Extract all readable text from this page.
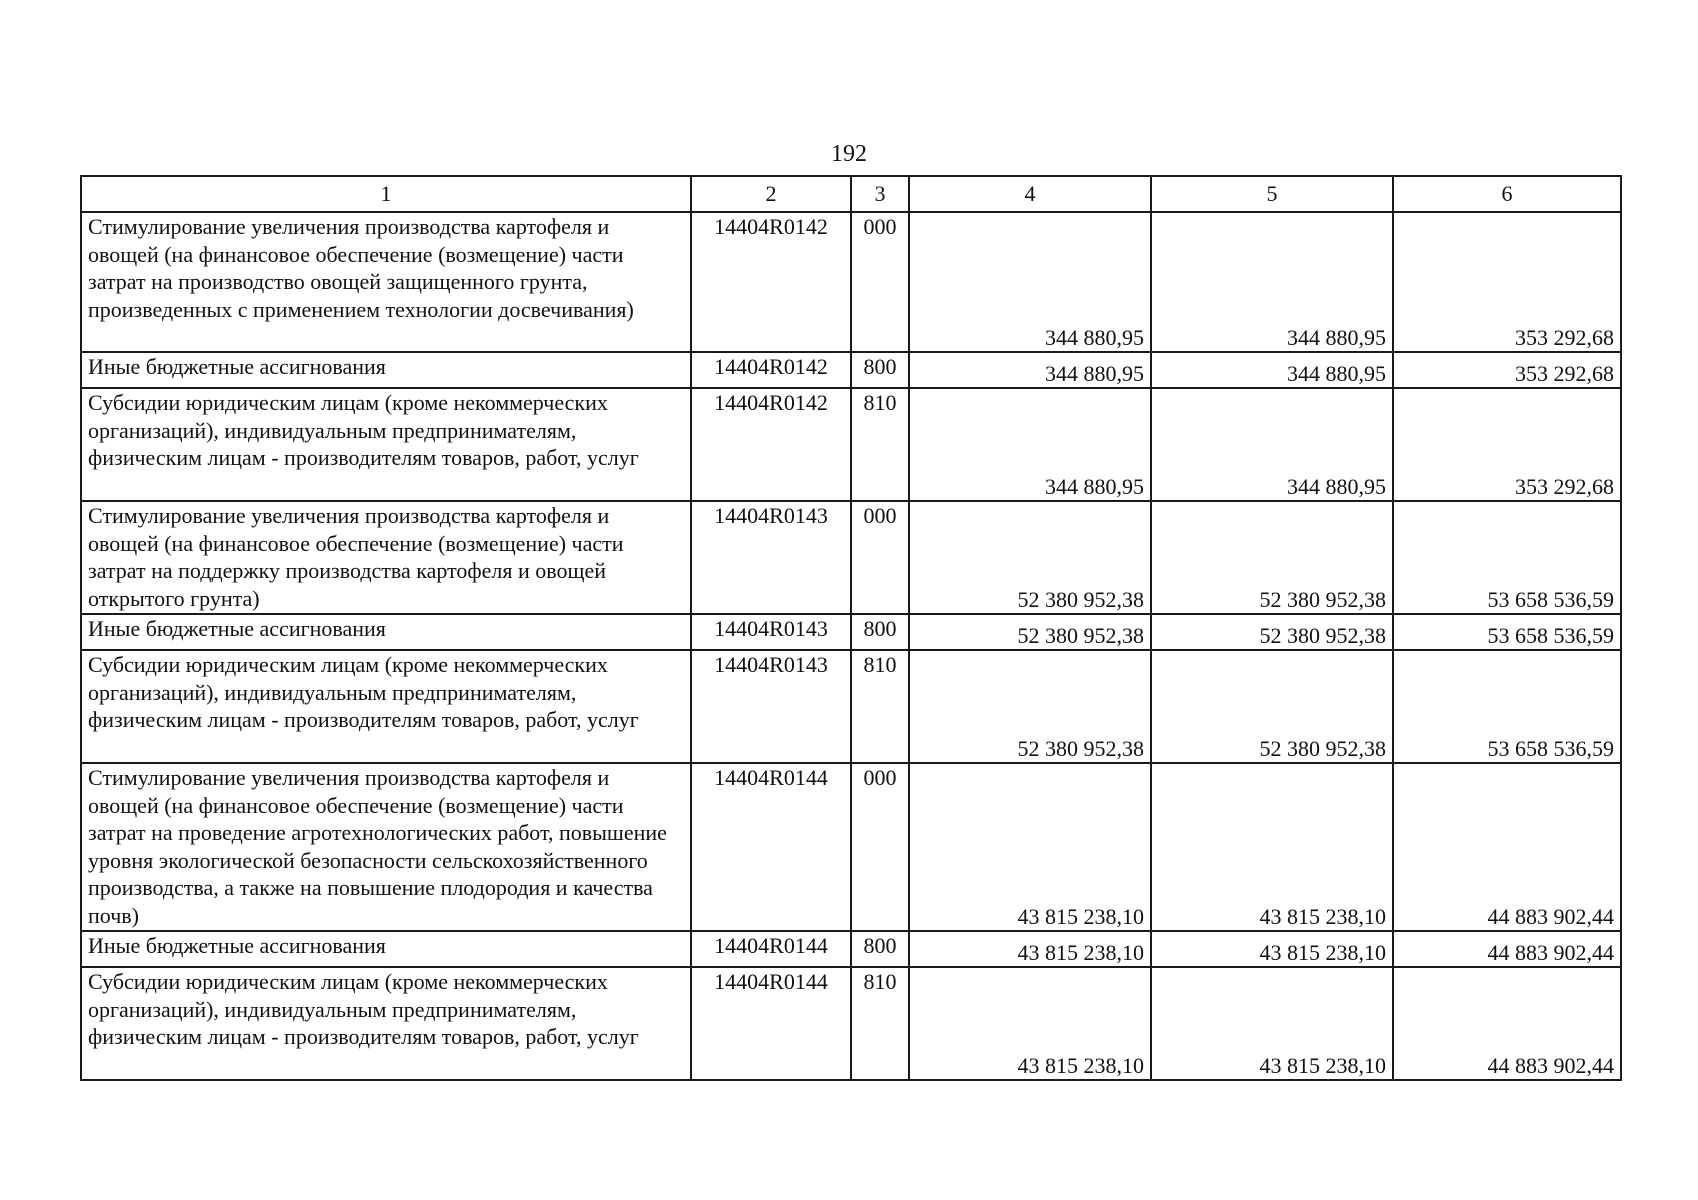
192
1	2	3	4	5	6
Стимулирование увеличения производства картофеля и овощей (на финансовое обеспечение (возмещение) части затрат на производство овощей защищенного грунта, произведенных с применением технологии досвечивания)	14404R0142	000	344 880,95	344 880,95	353 292,68
Иные бюджетные ассигнования	14404R0142	800	344 880,95	344 880,95	353 292,68
Субсидии юридическим лицам (кроме некоммерческих организаций), индивидуальным предпринимателям, физическим лицам - производителям товаров, работ, услуг	14404R0142	810	344 880,95	344 880,95	353 292,68
Стимулирование увеличения производства картофеля и овощей (на финансовое обеспечение (возмещение) части затрат на поддержку производства картофеля и овощей открытого грунта)	14404R0143	000	52 380 952,38	52 380 952,38	53 658 536,59
Иные бюджетные ассигнования	14404R0143	800	52 380 952,38	52 380 952,38	53 658 536,59
Субсидии юридическим лицам (кроме некоммерческих организаций), индивидуальным предпринимателям, физическим лицам - производителям товаров, работ, услуг	14404R0143	810	52 380 952,38	52 380 952,38	53 658 536,59
Стимулирование увеличения производства картофеля и овощей (на финансовое обеспечение (возмещение) части затрат на проведение агротехнологических работ, повышение уровня экологической безопасности сельскохозяйственного производства, а также на повышение плодородия и качества почв)	14404R0144	000	43 815 238,10	43 815 238,10	44 883 902,44
Иные бюджетные ассигнования	14404R0144	800	43 815 238,10	43 815 238,10	44 883 902,44
Субсидии юридическим лицам (кроме некоммерческих организаций), индивидуальным предпринимателям, физическим лицам - производителям товаров, работ, услуг	14404R0144	810	43 815 238,10	43 815 238,10	44 883 902,44
